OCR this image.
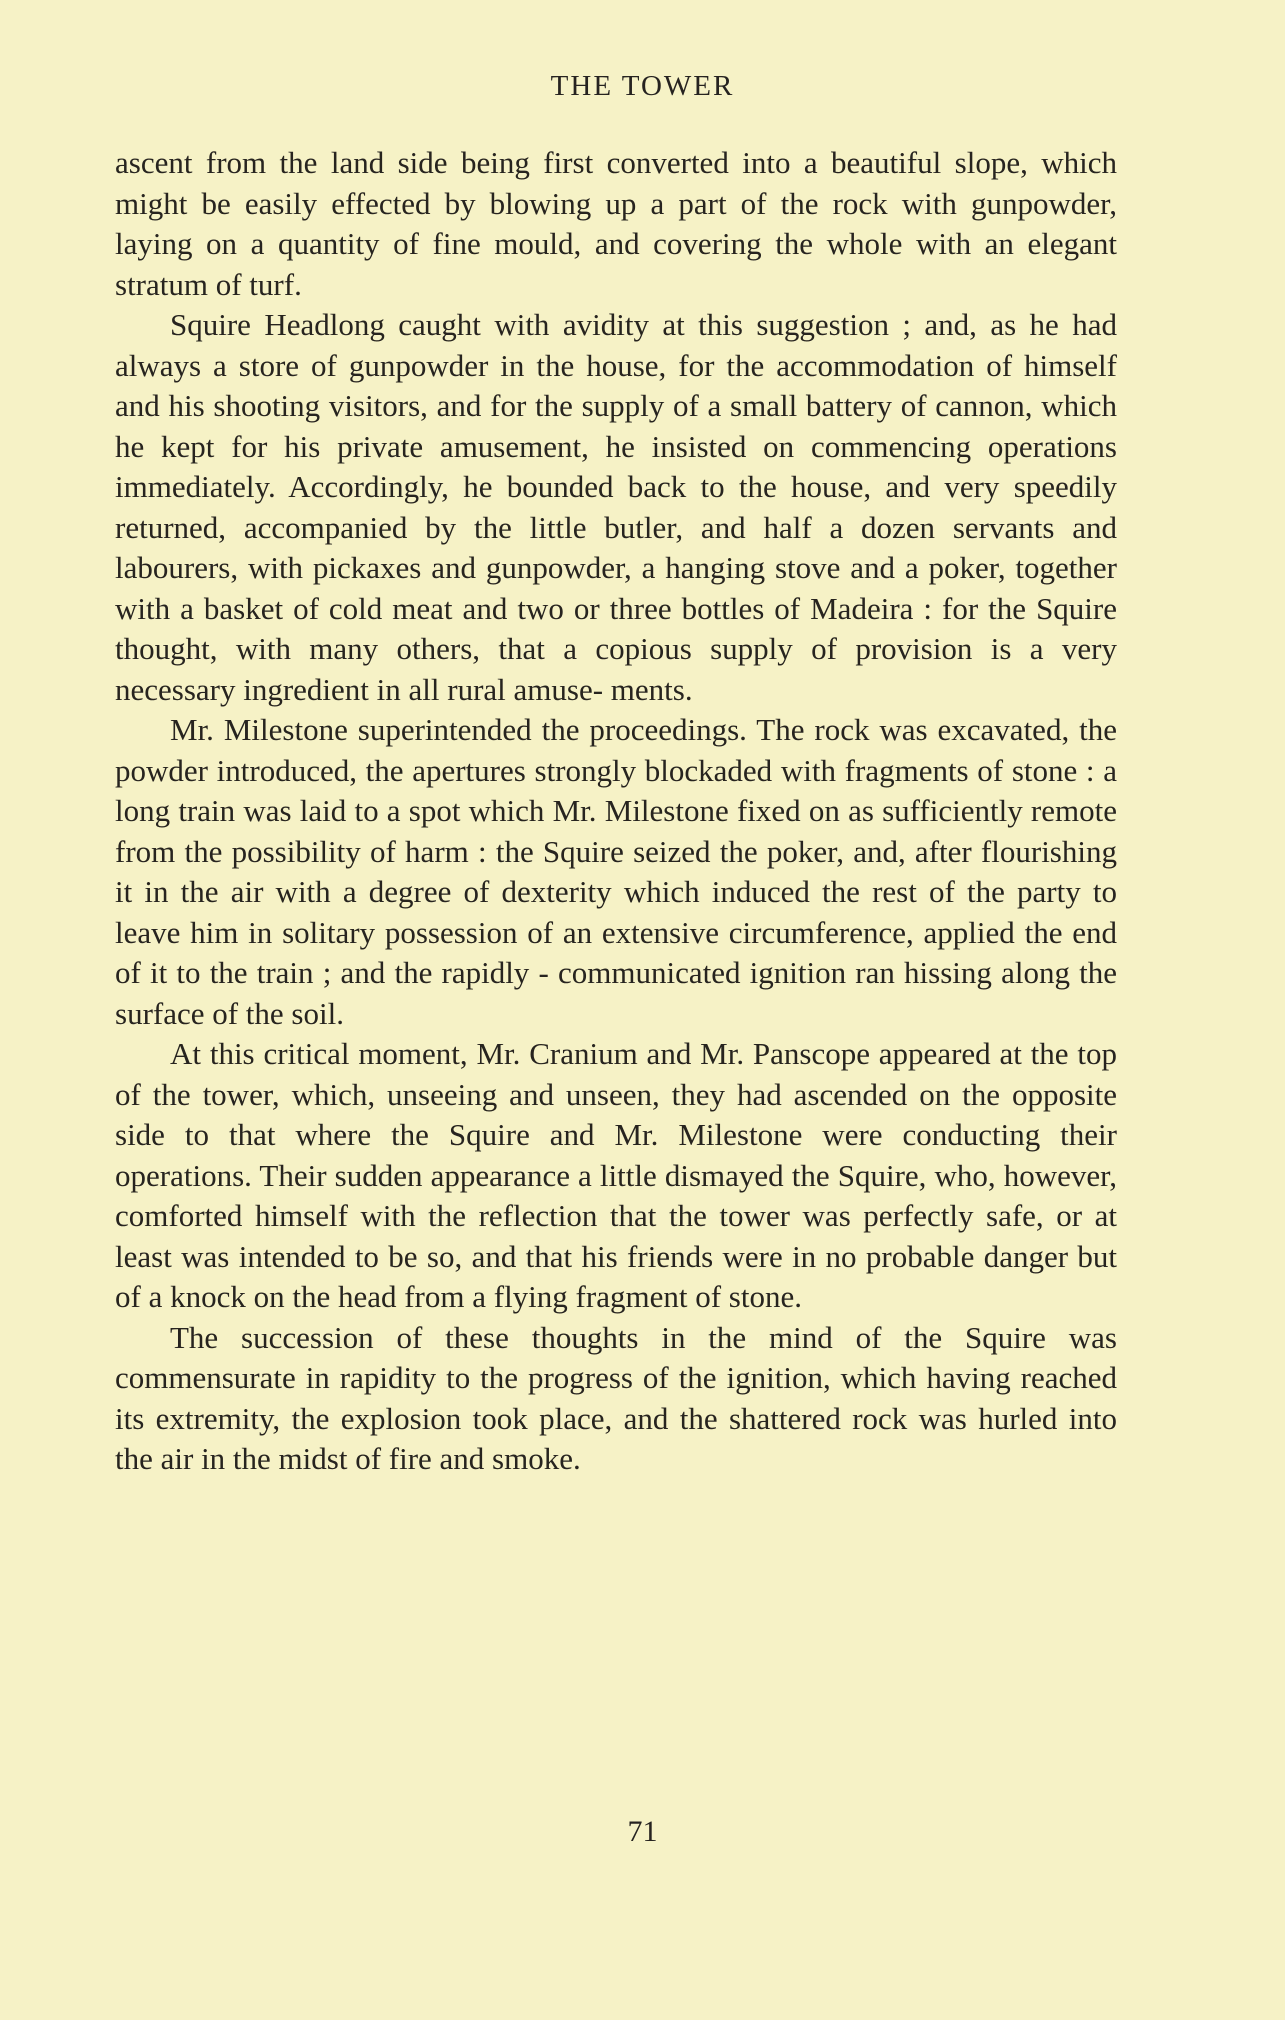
THE TOWER

ascent from the land side being first converted into a beautiful slope, which might be easily effected by blowing up a part of the rock with gunpowder, laying on a quantity of fine mould, and covering the whole with an elegant stratum of turf.

Squire Headlong caught with avidity at this suggestion ; and, as he had always a store of gunpowder in the house, for the accommodation of himself and his shooting visitors, and for the supply of a small battery of cannon, which he kept for his private amusement, he insisted on commencing operations immediately. Accordingly, he bounded back to the house, and very speedily returned, accompanied by the little butler, and half a dozen servants and labourers, with pickaxes and gunpowder, a hanging stove and a poker, together with a basket of cold meat and two or three bottles of Madeira : for the Squire thought, with many others, that a copious supply of provision is a very necessary ingredient in all rural amuse- ments.

Mr. Milestone superintended the proceedings. The rock was excavated, the powder introduced, the apertures strongly blockaded with fragments of stone : a long train was laid to a spot which Mr. Milestone fixed on as sufficiently remote from the possibility of harm : the Squire seized the poker, and, after flourishing it in the air with a degree of dexterity which induced the rest of the party to leave him in solitary possession of an extensive circumference, applied the end of it to the train ; and the rapidly - communicated ignition ran hissing along the surface of the soil.

At this critical moment, Mr. Cranium and Mr. Panscope appeared at the top of the tower, which, unseeing and unseen, they had ascended on the opposite side to that where the Squire and Mr. Milestone were conducting their operations. Their sudden appearance a little dismayed the Squire, who, however, comforted himself with the reflection that the tower was perfectly safe, or at least was intended to be so, and that his friends were in no probable danger but of a knock on the head from a flying fragment of stone.

The succession of these thoughts in the mind of the Squire was commensurate in rapidity to the progress of the ignition, which having reached its extremity, the explosion took place, and the shattered rock was hurled into the air in the midst of fire and smoke.

71
